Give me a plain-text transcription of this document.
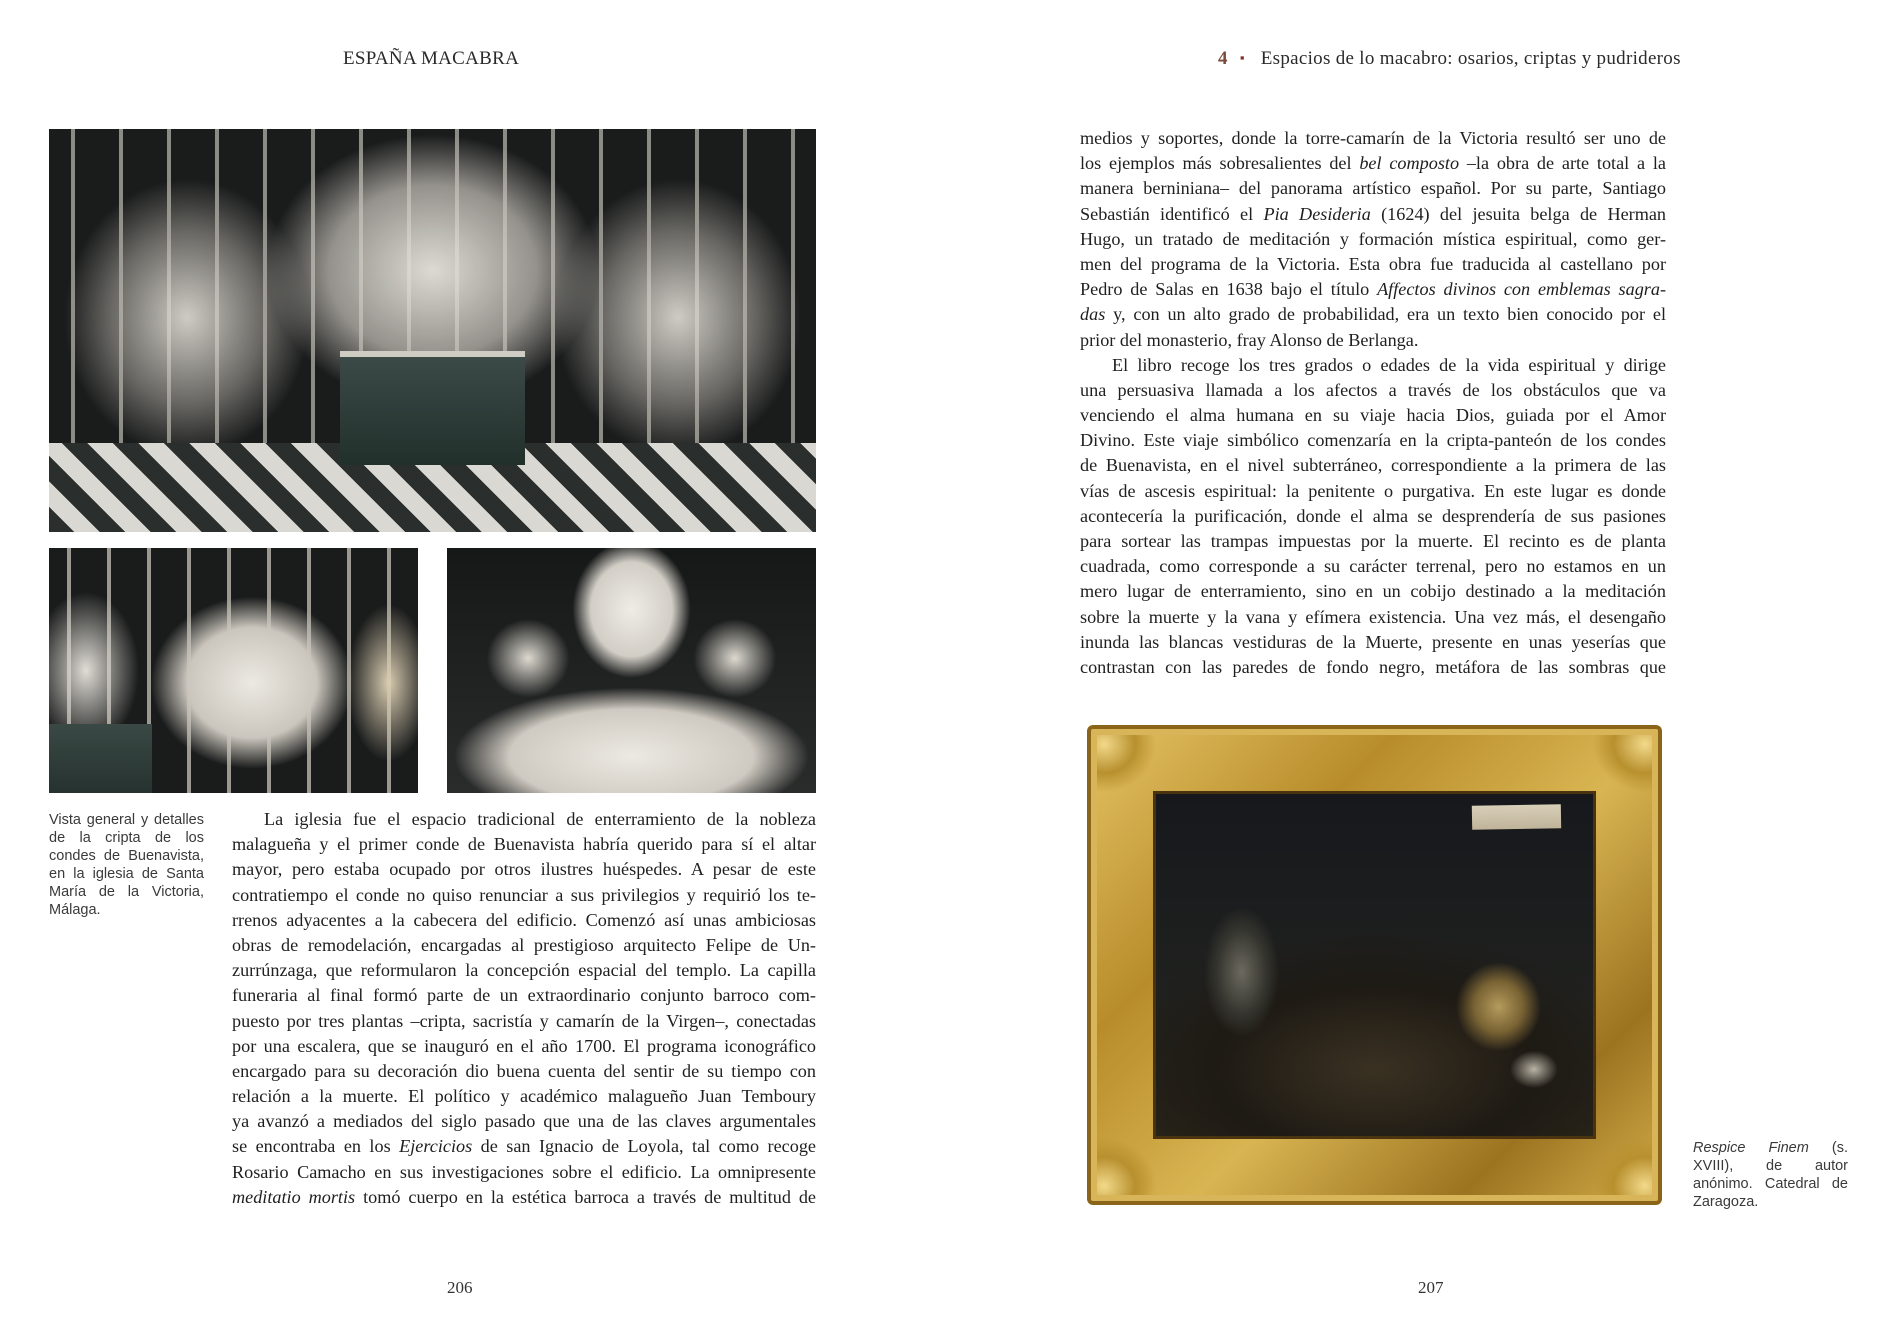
ESPAÑA MACABRA
Vista general y detalles de la cripta de los condes de Buenavista, en la iglesia de Santa María de la Victoria, Málaga.
La iglesia fue el espacio tradicional de enterramiento de la nobleza
malagueña y el primer conde de Buenavista habría querido para sí el altar
mayor, pero estaba ocupado por otros ilustres huéspedes. A pesar de este
contratiempo el conde no quiso renunciar a sus privilegios y requirió los te-
rrenos adyacentes a la cabecera del edificio. Comenzó así unas ambiciosas
obras de remodelación, encargadas al prestigioso arquitecto Felipe de Un-
zurrúnzaga, que reformularon la concepción espacial del templo. La capilla
funeraria al final formó parte de un extraordinario conjunto barroco com-
puesto por tres plantas –cripta, sacristía y camarín de la Virgen–, conectadas
por una escalera, que se inauguró en el año 1700. El programa iconográfico
encargado para su decoración dio buena cuenta del sentir de su tiempo con
relación a la muerte. El político y académico malagueño Juan Temboury
ya avanzó a mediados del siglo pasado que una de las claves argumentales
se encontraba en los Ejercicios de san Ignacio de Loyola, tal como recoge
Rosario Camacho en sus investigaciones sobre el edificio. La omnipresente
meditatio mortis tomó cuerpo en la estética barroca a través de multitud de
206
4 ▪ Espacios de lo macabro: osarios, criptas y pudrideros
medios y soportes, donde la torre-camarín de la Victoria resultó ser uno de
los ejemplos más sobresalientes del bel composto –la obra de arte total a la
manera berniniana– del panorama artístico español. Por su parte, Santiago
Sebastián identificó el Pia Desideria (1624) del jesuita belga de Herman
Hugo, un tratado de meditación y formación mística espiritual, como ger-
men del programa de la Victoria. Esta obra fue traducida al castellano por
Pedro de Salas en 1638 bajo el título Affectos divinos con emblemas sagra-
das y, con un alto grado de probabilidad, era un texto bien conocido por el
prior del monasterio, fray Alonso de Berlanga.
El libro recoge los tres grados o edades de la vida espiritual y dirige
una persuasiva llamada a los afectos a través de los obstáculos que va
venciendo el alma humana en su viaje hacia Dios, guiada por el Amor
Divino. Este viaje simbólico comenzaría en la cripta-panteón de los condes
de Buenavista, en el nivel subterráneo, correspondiente a la primera de las
vías de ascesis espiritual: la penitente o purgativa. En este lugar es donde
acontecería la purificación, donde el alma se desprendería de sus pasiones
para sortear las trampas impuestas por la muerte. El recinto es de planta
cuadrada, como corresponde a su carácter terrenal, pero no estamos en un
mero lugar de enterramiento, sino en un cobijo destinado a la meditación
sobre la muerte y la vana y efímera existencia. Una vez más, el desengaño
inunda las blancas vestiduras de la Muerte, presente en unas yeserías que
contrastan con las paredes de fondo negro, metáfora de las sombras que
Respice Finem (s. XVIII), de autor anónimo. Catedral de Zaragoza.
207
